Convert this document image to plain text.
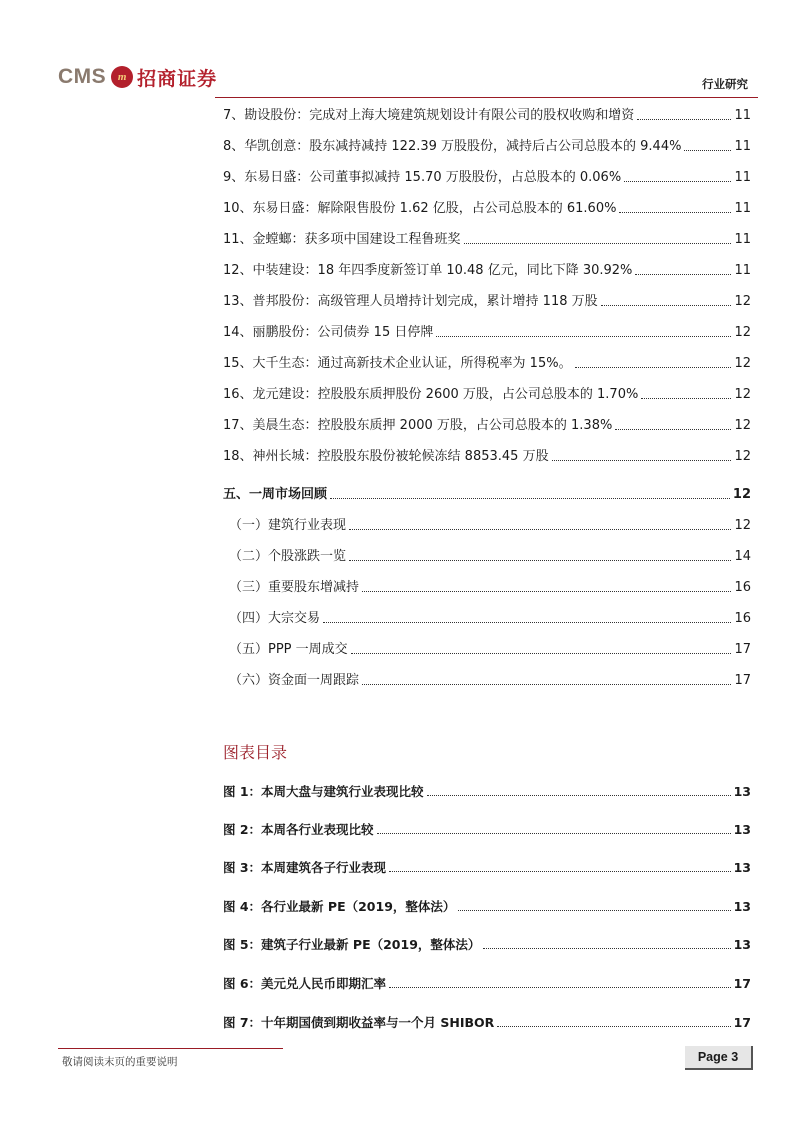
CMS	m 招商证券	行业研究
7、勘设股份：完成对上海大境建筑规划设计有限公司的股权收购和增资	11
8、华凯创意：股东减持减持 122.39 万股股份，减持后占公司总股本的 9.44%	11
9、东易日盛：公司董事拟减持 15.70 万股股份，占总股本的 0.06%	11
10、东易日盛：解除限售股份 1.62 亿股，占公司总股本的 61.60%	11
11、金螳螂：获多项中国建设工程鲁班奖	11
12、中装建设：18 年四季度新签订单 10.48 亿元，同比下降 30.92%	11
13、普邦股份：高级管理人员增持计划完成，累计增持 118 万股	12
14、丽鹏股份：公司债券 15 日停牌	12
15、大千生态：通过高新技术企业认证，所得税率为 15%。	12
16、龙元建设：控股股东质押股份 2600 万股，占公司总股本的 1.70%	12
17、美晨生态：控股股东质押 2000 万股，占公司总股本的 1.38%	12
18、神州长城：控股股东股份被轮候冻结 8853.45 万股	12
五、一周市场回顾	12
（一）建筑行业表现	12
（二）个股涨跌一览	14
（三）重要股东增减持	16
（四）大宗交易	16
（五）PPP 一周成交	17
（六）资金面一周跟踪	17
图表目录
图 1：本周大盘与建筑行业表现比较	13
图 2：本周各行业表现比较	13
图 3：本周建筑各子行业表现	13
图 4：各行业最新 PE（2019，整体法）	13
图 5：建筑子行业最新 PE（2019，整体法）	13
图 6：美元兑人民币即期汇率	17
图 7：十年期国债到期收益率与一个月 SHIBOR	17
敬请阅读末页的重要说明	Page 3
